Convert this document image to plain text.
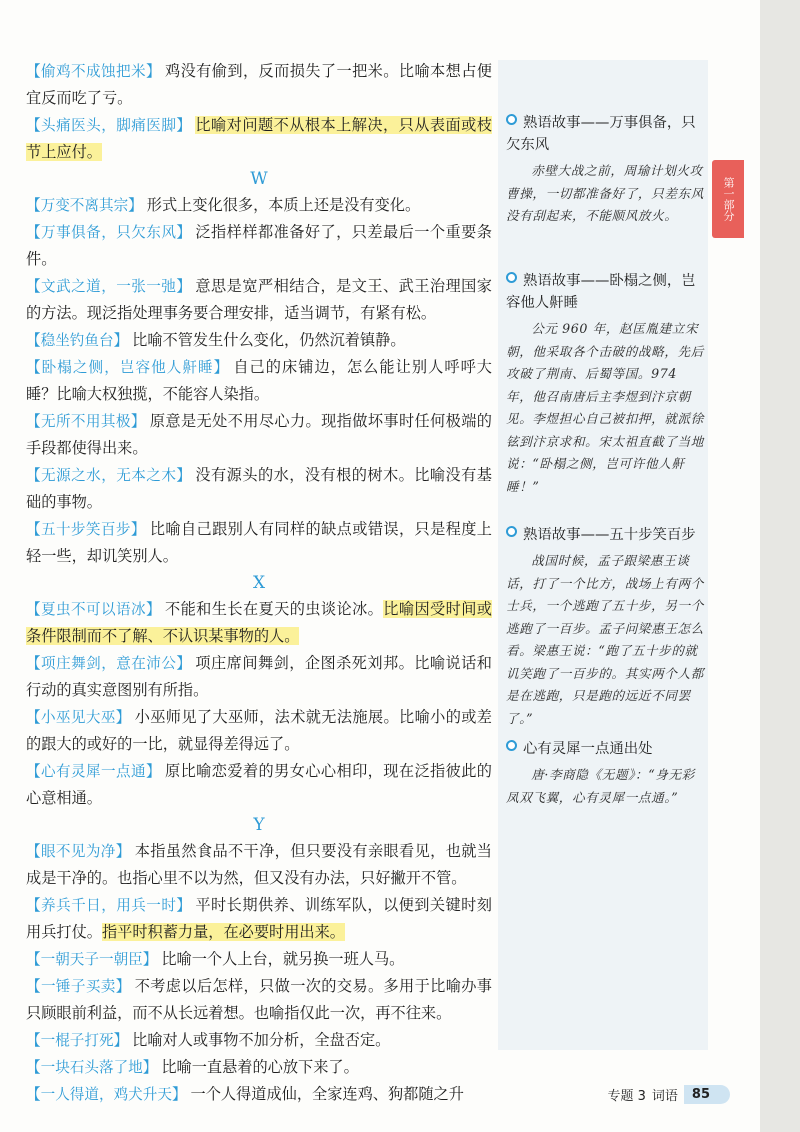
【偷鸡不成蚀把米】 鸡没有偷到，反而损失了一把米。比喻本想占便宜反而吃了亏。

【头痛医头，脚痛医脚】 比喻对问题不从根本上解决，只从表面或枝节上应付。

W

【万变不离其宗】 形式上变化很多，本质上还是没有变化。

【万事俱备，只欠东风】 泛指样样都准备好了，只差最后一个重要条件。

【文武之道，一张一弛】 意思是宽严相结合，是文王、武王治理国家的方法。现泛指处理事务要合理安排，适当调节，有紧有松。

【稳坐钓鱼台】 比喻不管发生什么变化，仍然沉着镇静。

【卧榻之侧，岂容他人鼾睡】 自己的床铺边，怎么能让别人呼呼大睡？比喻大权独揽，不能容人染指。

【无所不用其极】 原意是无处不用尽心力。现指做坏事时任何极端的手段都使得出来。

【无源之水，无本之木】 没有源头的水，没有根的树木。比喻没有基础的事物。

【五十步笑百步】 比喻自己跟别人有同样的缺点或错误，只是程度上轻一些，却讥笑别人。

X

【夏虫不可以语冰】 不能和生长在夏天的虫谈论冰。比喻因受时间或条件限制而不了解、不认识某事物的人。

【项庄舞剑，意在沛公】 项庄席间舞剑，企图杀死刘邦。比喻说话和行动的真实意图别有所指。

【小巫见大巫】 小巫师见了大巫师，法术就无法施展。比喻小的或差的跟大的或好的一比，就显得差得远了。

【心有灵犀一点通】 原比喻恋爱着的男女心心相印，现在泛指彼此的心意相通。

Y

【眼不见为净】 本指虽然食品不干净，但只要没有亲眼看见，也就当成是干净的。也指心里不以为然，但又没有办法，只好撇开不管。

【养兵千日，用兵一时】 平时长期供养、训练军队，以便到关键时刻用兵打仗。指平时积蓄力量，在必要时用出来。

【一朝天子一朝臣】 比喻一个人上台，就另换一班人马。

【一锤子买卖】 不考虑以后怎样，只做一次的交易。多用于比喻办事只顾眼前利益，而不从长远着想。也喻指仅此一次，再不往来。

【一棍子打死】 比喻对人或事物不加分析，全盘否定。

【一块石头落了地】 比喻一直悬着的心放下来了。

【一人得道，鸡犬升天】 一个人得道成仙，全家连鸡、狗都随之升

熟语故事——万事俱备，只欠东风

赤壁大战之前，周瑜计划火攻曹操，一切都准备好了，只差东风没有刮起来，不能顺风放火。

熟语故事——卧榻之侧，岂容他人鼾睡

公元 960 年，赵匡胤建立宋朝，他采取各个击破的战略，先后攻破了荆南、后蜀等国。974 年，他召南唐后主李煜到汴京朝见。李煜担心自己被扣押，就派徐铉到汴京求和。宋太祖直截了当地说：“卧榻之侧，岂可许他人鼾睡！”

熟语故事——五十步笑百步

战国时候，孟子跟梁惠王谈话，打了一个比方，战场上有两个士兵，一个逃跑了五十步，另一个逃跑了一百步。孟子问梁惠王怎么看。梁惠王说：“跑了五十步的就讥笑跑了一百步的。其实两个人都是在逃跑，只是跑的远近不同罢了。”

心有灵犀一点通出处

唐·李商隐《无题》：“身无彩凤双飞翼，心有灵犀一点通。”

第一部分
专题 3 词语	85
